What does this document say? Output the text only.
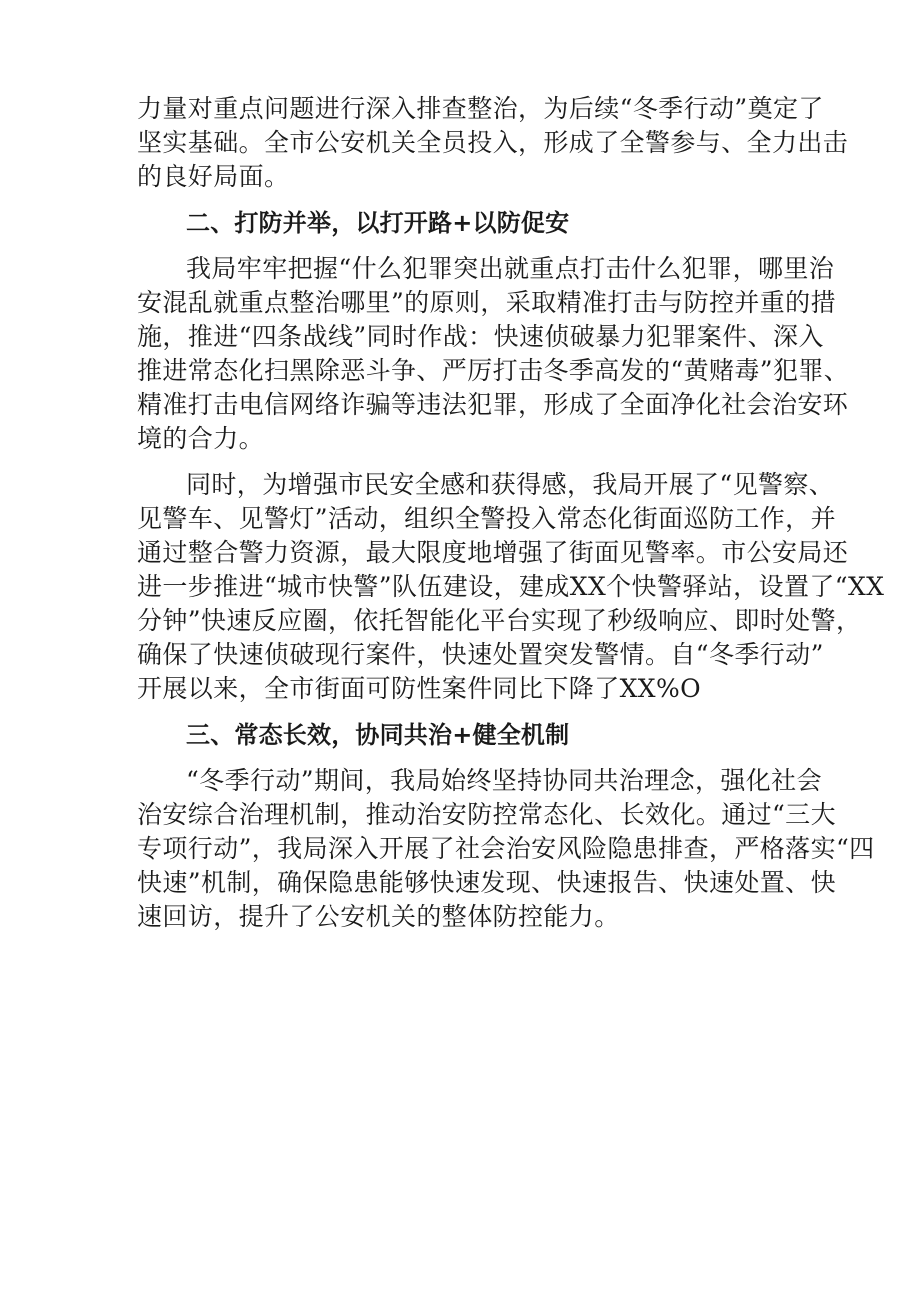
力量对重点问题进行深入排查整治，为后续“冬季行动”奠定了
坚实基础。全市公安机关全员投入，形成了全警参与、全力出击
的良好局面。
二、打防并举，以打开路+以防促安
我局牢牢把握“什么犯罪突出就重点打击什么犯罪，哪里治
安混乱就重点整治哪里”的原则，采取精准打击与防控并重的措
施，推进“四条战线”同时作战：快速侦破暴力犯罪案件、深入
推进常态化扫黑除恶斗争、严厉打击冬季高发的“黄赌毒”犯罪、
精准打击电信网络诈骗等违法犯罪，形成了全面净化社会治安环
境的合力。
同时，为增强市民安全感和获得感，我局开展了“见警察、
见警车、见警灯”活动，组织全警投入常态化街面巡防工作，并
通过整合警力资源，最大限度地增强了街面见警率。市公安局还
进一步推进“城市快警”队伍建设，建成XX个快警驿站，设置了“XX
分钟”快速反应圈，依托智能化平台实现了秒级响应、即时处警，
确保了快速侦破现行案件，快速处置突发警情。自“冬季行动”
开展以来，全市街面可防性案件同比下降了XX%O
三、常态长效，协同共治+健全机制
“冬季行动”期间，我局始终坚持协同共治理念，强化社会
治安综合治理机制，推动治安防控常态化、长效化。通过“三大
专项行动”，我局深入开展了社会治安风险隐患排查，严格落实“四
快速”机制，确保隐患能够快速发现、快速报告、快速处置、快
速回访，提升了公安机关的整体防控能力。
